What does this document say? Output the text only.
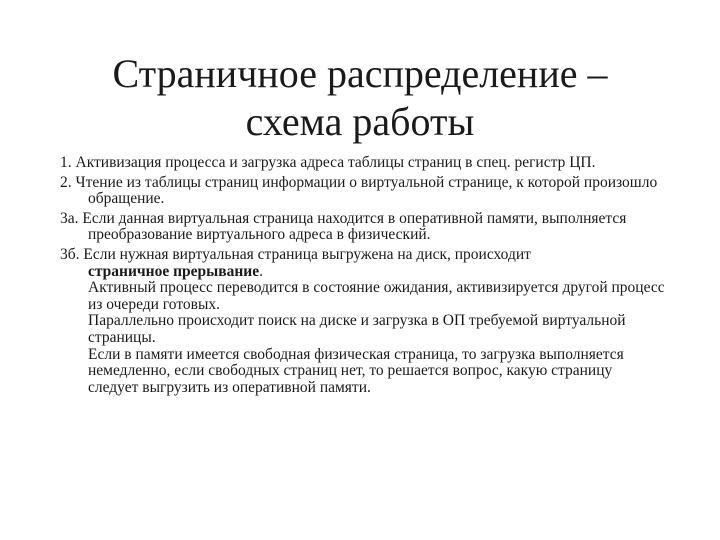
Страничное распределение –
схема работы

1. Активизация процесса и загрузка адреса таблицы страниц в спец. регистр ЦП.

2. Чтение из таблицы страниц информации о виртуальной странице, к которой произошло обращение.

3а. Если данная виртуальная страница находится в оперативной памяти, выполняется преобразование виртуального адреса в физический.

3б. Если нужная виртуальная страница выгружена на диск, происходит
страничное прерывание.

Активный процесс переводится в состояние ожидания, активизируется другой процесс из очереди готовых.

Параллельно происходит поиск на диске и загрузка в ОП требуемой виртуальной страницы.

Если в памяти имеется свободная физическая страница, то загрузка выполняется немедленно, если свободных страниц нет, то решается вопрос, какую страницу следует выгрузить из оперативной памяти.
